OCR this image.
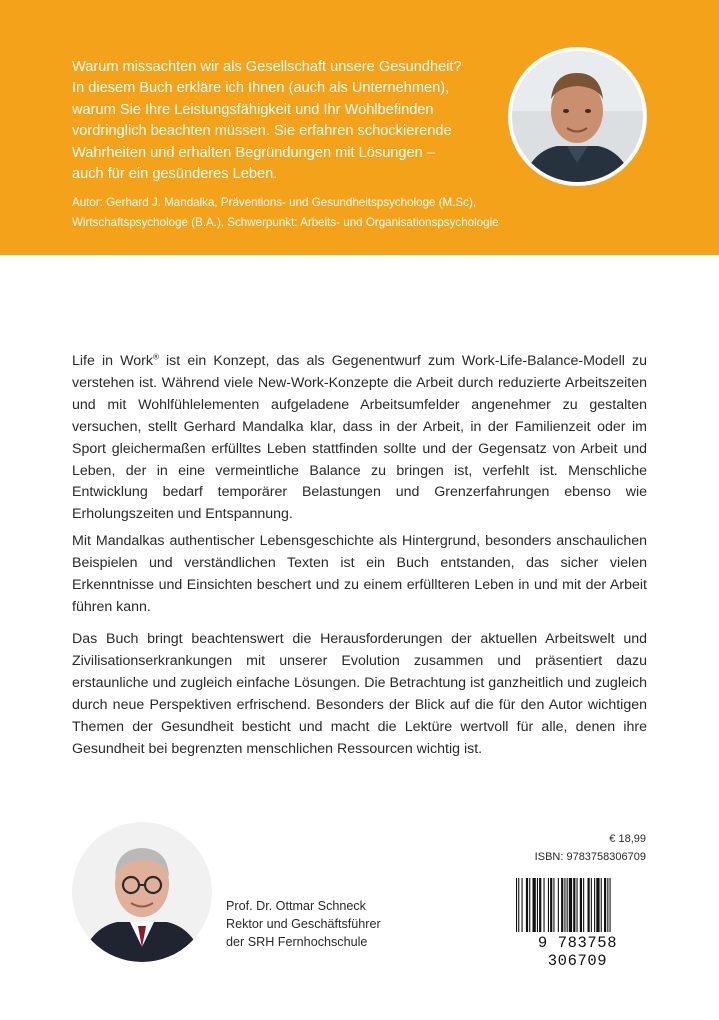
Warum missachten wir als Gesellschaft unsere Gesundheit?
In diesem Buch erkläre ich Ihnen (auch als Unternehmen),
warum Sie Ihre Leistungsfähigkeit und Ihr Wohlbefinden
vordringlich beachten müssen. Sie erfahren schockierende
Wahrheiten und erhalten Begründungen mit Lösungen –
auch für ein gesünderes Leben.
Autor: Gerhard J. Mandalka, Präventions- und Gesundheitspsychologe (M.Sc),
Wirtschaftspsychologe (B.A.), Schwerpunkt: Arbeits- und Organisationspsychologie
Life in Work® ist ein Konzept, das als Gegenentwurf zum Work-Life-Balance-Modell zu verstehen ist. Während viele New-Work-Konzepte die Arbeit durch reduzierte Arbeitszeiten und mit Wohlfühlelementen aufgeladene Arbeitsumfelder angenehmer zu gestalten versuchen, stellt Gerhard Mandalka klar, dass in der Arbeit, in der Familienzeit oder im Sport gleichermaßen erfülltes Leben stattfinden sollte und der Gegensatz von Arbeit und Leben, der in eine vermeintliche Balance zu bringen ist, verfehlt ist. Menschliche Entwicklung bedarf temporärer Belastungen und Grenzerfahrungen ebenso wie Erholungszeiten und Entspannung.
Mit Mandalkas authentischer Lebensgeschichte als Hintergrund, besonders anschaulichen Beispielen und verständlichen Texten ist ein Buch entstanden, das sicher vielen Erkenntnisse und Einsichten beschert und zu einem erfüllteren Leben in und mit der Arbeit führen kann.
Das Buch bringt beachtenswert die Herausforderungen der aktuellen Arbeitswelt und Zivilisationserkrankungen mit unserer Evolution zusammen und präsentiert dazu erstaunliche und zugleich einfache Lösungen. Die Betrachtung ist ganzheitlich und zugleich durch neue Perspektiven erfrischend. Besonders der Blick auf die für den Autor wichtigen Themen der Gesundheit besticht und macht die Lektüre wertvoll für alle, denen ihre Gesundheit bei begrenzten menschlichen Ressourcen wichtig ist.
Prof. Dr. Ottmar Schneck
Rektor und Geschäftsführer
der SRH Fernhochschule
€ 18,99
ISBN: 9783758306709
9 783758 306709
